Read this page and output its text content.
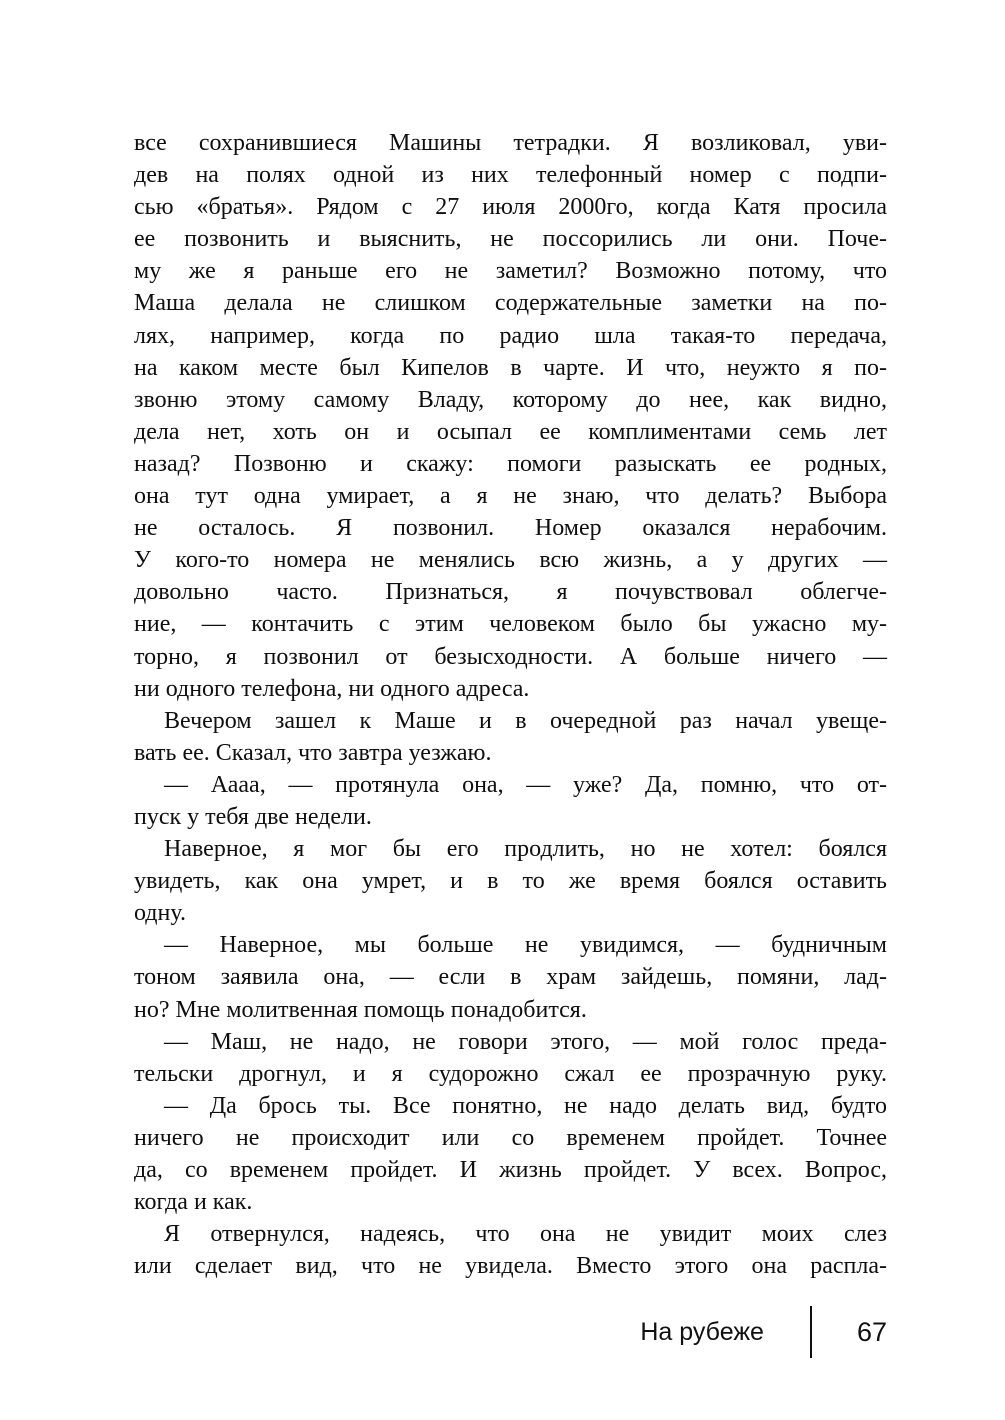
все сохранившиеся Машины тетрадки. Я возликовал, уви-
дев на полях одной из них телефонный номер с подпи-
сью «братья». Рядом с 27 июля 2000го, когда Катя просила
ее позвонить и выяснить, не поссорились ли они. Поче-
му же я раньше его не заметил? Возможно потому, что
Маша делала не слишком содержательные заметки на по-
лях, например, когда по радио шла такая-то передача,
на каком месте был Кипелов в чарте. И что, неужто я по-
звоню этому самому Владу, которому до нее, как видно,
дела нет, хоть он и осыпал ее комплиментами семь лет
назад? Позвоню и скажу: помоги разыскать ее родных,
она тут одна умирает, а я не знаю, что делать? Выбора
не осталось. Я позвонил. Номер оказался нерабочим.
У кого-то номера не менялись всю жизнь, а у других —
довольно часто. Признаться, я почувствовал облегче-
ние, — контачить с этим человеком было бы ужасно му-
торно, я позвонил от безысходности. А больше ничего —
ни одного телефона, ни одного адреса.
Вечером зашел к Маше и в очередной раз начал увеще-
вать ее. Сказал, что завтра уезжаю.
— Аааа, — протянула она, — уже? Да, помню, что от-
пуск у тебя две недели.
Наверное, я мог бы его продлить, но не хотел: боялся
увидеть, как она умрет, и в то же время боялся оставить
одну.
— Наверное, мы больше не увидимся, — будничным
тоном заявила она, — если в храм зайдешь, помяни, лад-
но? Мне молитвенная помощь понадобится.
— Маш, не надо, не говори этого, — мой голос преда-
тельски дрогнул, и я судорожно сжал ее прозрачную руку.
— Да брось ты. Все понятно, не надо делать вид, будто
ничего не происходит или со временем пройдет. Точнее
да, со временем пройдет. И жизнь пройдет. У всех. Вопрос,
когда и как.
Я отвернулся, надеясь, что она не увидит моих слез
или сделает вид, что не увидела. Вместо этого она распла-
На рубеже	67
